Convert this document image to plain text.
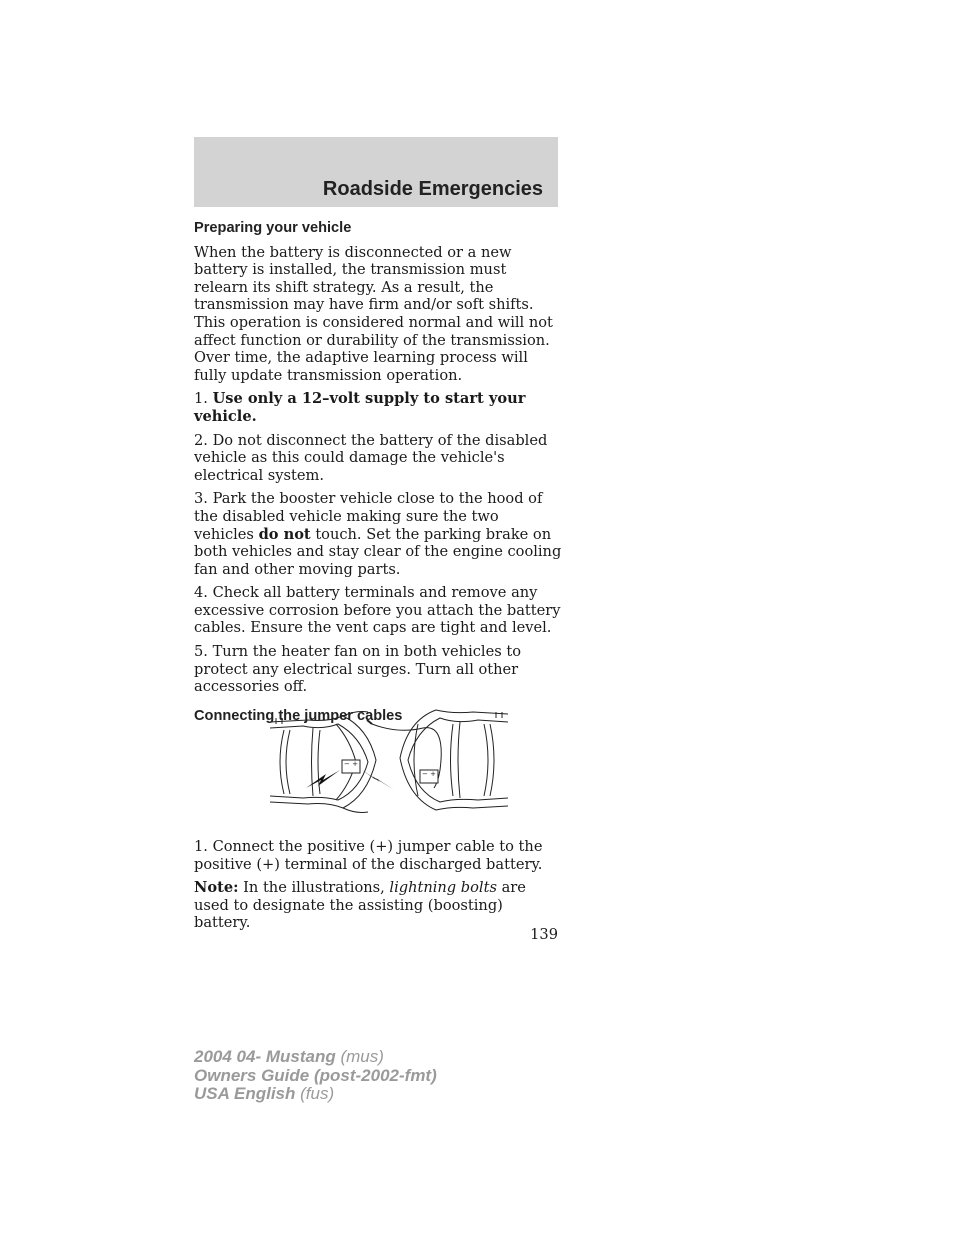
Roadside Emergencies
Preparing your vehicle

When the battery is disconnected or a new battery is installed, the transmission must relearn its shift strategy. As a result, the transmission may have firm and/or soft shifts. This operation is considered normal and will not affect function or durability of the transmission. Over time, the adaptive learning process will fully update transmission operation.

1. Use only a 12–volt supply to start your vehicle.

2. Do not disconnect the battery of the disabled vehicle as this could damage the vehicle's electrical system.

3. Park the booster vehicle close to the hood of the disabled vehicle making sure the two vehicles do not touch. Set the parking brake on both vehicles and stay clear of the engine cooling fan and other moving parts.

4. Check all battery terminals and remove any excessive corrosion before you attach the battery cables. Ensure the vent caps are tight and level.

5. Turn the heater fan on in both vehicles to protect any electrical surges. Turn all other accessories off.

Connecting the jumper cables
− +
− +

1. Connect the positive (+) jumper cable to the positive (+) terminal of the discharged battery.

Note: In the illustrations, lightning bolts are used to designate the assisting (boosting) battery.

139
2004 04- Mustang (mus)
Owners Guide (post-2002-fmt)
USA English (fus)
